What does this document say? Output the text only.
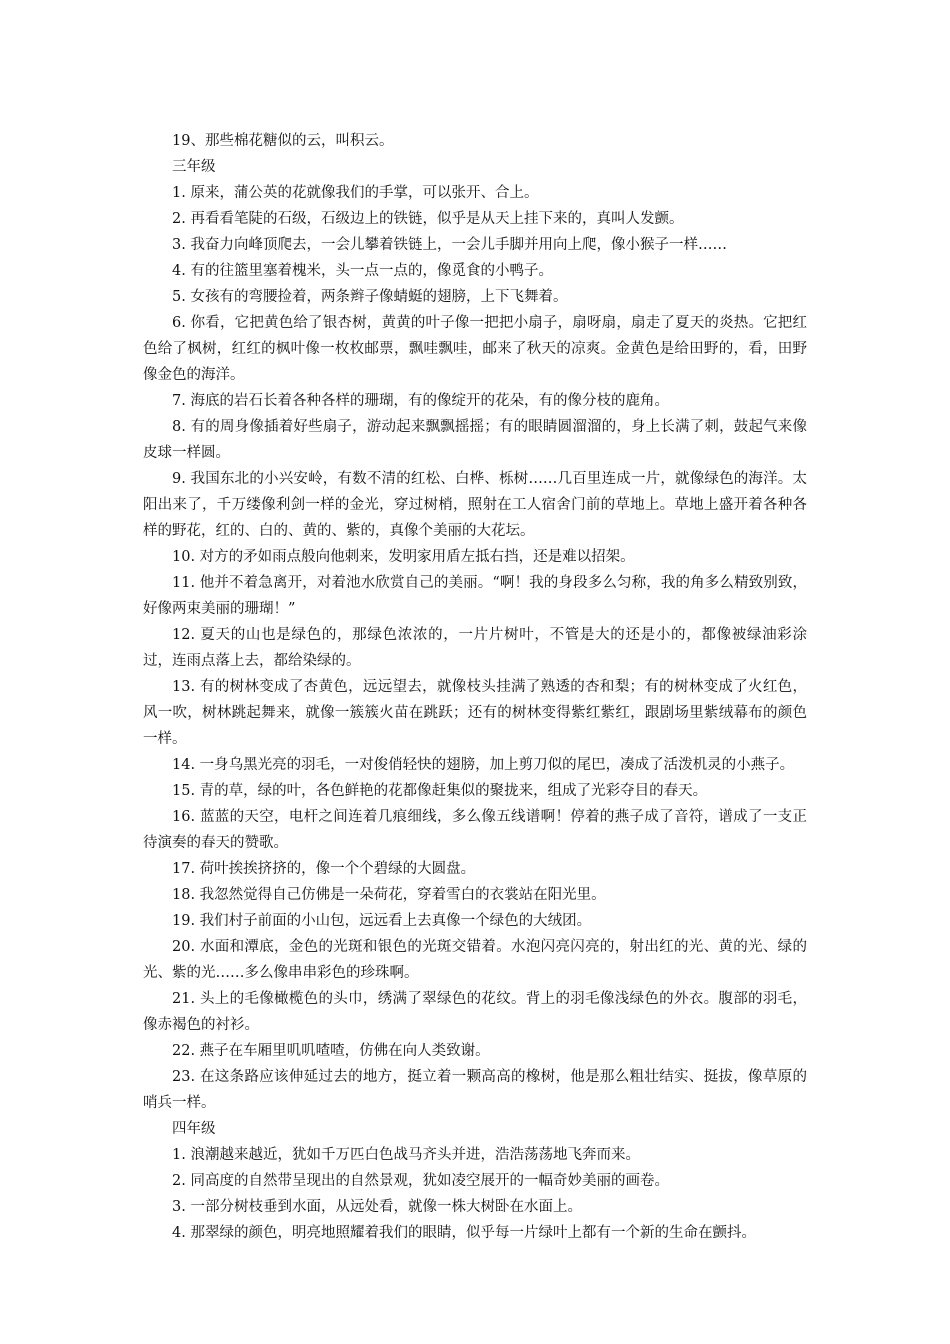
19、那些棉花糖似的云，叫积云。

三年级

1. 原来，蒲公英的花就像我们的手掌，可以张开、合上。

2. 再看看笔陡的石级，石级边上的铁链，似乎是从天上挂下来的，真叫人发颤。

3. 我奋力向峰顶爬去，一会儿攀着铁链上，一会儿手脚并用向上爬，像小猴子一样……

4. 有的往篮里塞着槐米，头一点一点的，像觅食的小鸭子。

5. 女孩有的弯腰捡着，两条辫子像蜻蜓的翅膀，上下飞舞着。

6. 你看，它把黄色给了银杏树，黄黄的叶子像一把把小扇子，扇呀扇，扇走了夏天的炎热。它把红色给了枫树，红红的枫叶像一枚枚邮票，飘哇飘哇，邮来了秋天的凉爽。金黄色是给田野的，看，田野像金色的海洋。

7. 海底的岩石长着各种各样的珊瑚，有的像绽开的花朵，有的像分枝的鹿角。

8. 有的周身像插着好些扇子，游动起来飘飘摇摇；有的眼睛圆溜溜的，身上长满了刺，鼓起气来像皮球一样圆。

9. 我国东北的小兴安岭，有数不清的红松、白桦、栎树……几百里连成一片，就像绿色的海洋。太阳出来了，千万缕像利剑一样的金光，穿过树梢，照射在工人宿舍门前的草地上。草地上盛开着各种各样的野花，红的、白的、黄的、紫的，真像个美丽的大花坛。

10. 对方的矛如雨点般向他刺来，发明家用盾左抵右挡，还是难以招架。

11. 他并不着急离开，对着池水欣赏自己的美丽。“啊！我的身段多么匀称，我的角多么精致别致，好像两束美丽的珊瑚！”

12. 夏天的山也是绿色的，那绿色浓浓的，一片片树叶，不管是大的还是小的，都像被绿油彩涂过，连雨点落上去，都给染绿的。

13. 有的树林变成了杏黄色，远远望去，就像枝头挂满了熟透的杏和梨；有的树林变成了火红色，风一吹，树林跳起舞来，就像一簇簇火苗在跳跃；还有的树林变得紫红紫红，跟剧场里紫绒幕布的颜色一样。

14. 一身乌黑光亮的羽毛，一对俊俏轻快的翅膀，加上剪刀似的尾巴，凑成了活泼机灵的小燕子。

15. 青的草，绿的叶，各色鲜艳的花都像赶集似的聚拢来，组成了光彩夺目的春天。

16. 蓝蓝的天空，电杆之间连着几痕细线，多么像五线谱啊！停着的燕子成了音符，谱成了一支正待演奏的春天的赞歌。

17. 荷叶挨挨挤挤的，像一个个碧绿的大圆盘。

18. 我忽然觉得自己仿佛是一朵荷花，穿着雪白的衣裳站在阳光里。

19. 我们村子前面的小山包，远远看上去真像一个绿色的大绒团。

20. 水面和潭底，金色的光斑和银色的光斑交错着。水泡闪亮闪亮的，射出红的光、黄的光、绿的光、紫的光……多么像串串彩色的珍珠啊。

21. 头上的毛像橄榄色的头巾，绣满了翠绿色的花纹。背上的羽毛像浅绿色的外衣。腹部的羽毛，像赤褐色的衬衫。

22. 燕子在车厢里叽叽喳喳，仿佛在向人类致谢。

23. 在这条路应该伸延过去的地方，挺立着一颗高高的橡树，他是那么粗壮结实、挺拔，像草原的哨兵一样。

四年级

1. 浪潮越来越近，犹如千万匹白色战马齐头并进，浩浩荡荡地飞奔而来。

2. 同高度的自然带呈现出的自然景观，犹如凌空展开的一幅奇妙美丽的画卷。

3. 一部分树枝垂到水面，从远处看，就像一株大树卧在水面上。

4. 那翠绿的颜色，明亮地照耀着我们的眼睛，似乎每一片绿叶上都有一个新的生命在颤抖。
